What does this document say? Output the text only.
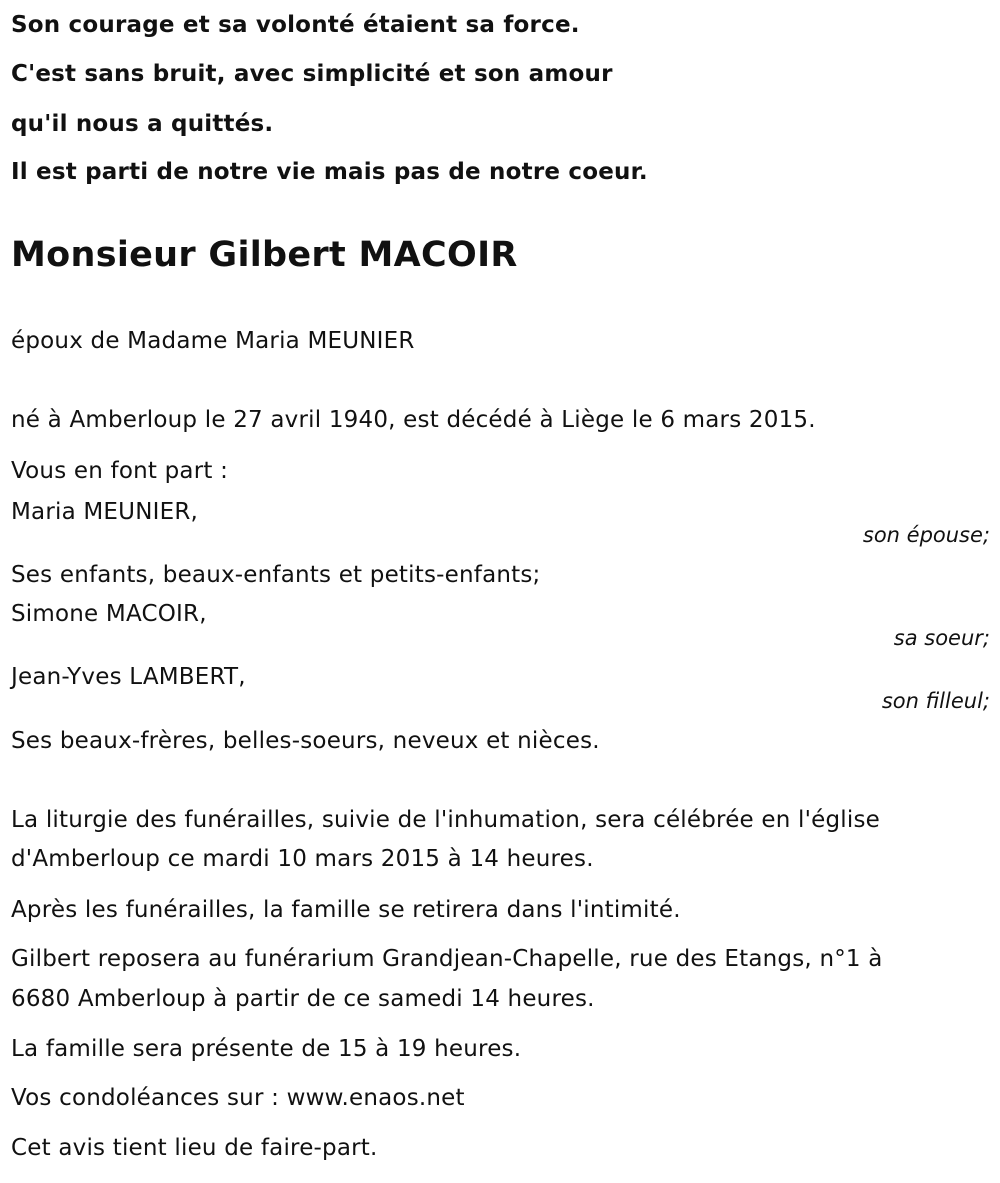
Son courage et sa volonté étaient sa force.
C'est sans bruit, avec simplicité et son amour
qu'il nous a quittés.
Il est parti de notre vie mais pas de notre coeur.
Monsieur Gilbert MACOIR
époux de Madame Maria MEUNIER
né à Amberloup le 27 avril 1940, est décédé à Liège le 6 mars 2015.
Vous en font part :
Maria MEUNIER,
son épouse;
Ses enfants, beaux-enfants et petits-enfants;
Simone MACOIR,
sa soeur;
Jean-Yves LAMBERT,
son filleul;
Ses beaux-frères, belles-soeurs, neveux et nièces.
La liturgie des funérailles, suivie de l'inhumation, sera célébrée en l'église
d'Amberloup ce mardi 10 mars 2015 à 14 heures.
Après les funérailles, la famille se retirera dans l'intimité.
Gilbert reposera au funérarium Grandjean-Chapelle, rue des Etangs, n°1 à
6680 Amberloup à partir de ce samedi 14 heures.
La famille sera présente de 15 à 19 heures.
Vos condoléances sur : www.enaos.net
Cet avis tient lieu de faire-part.
